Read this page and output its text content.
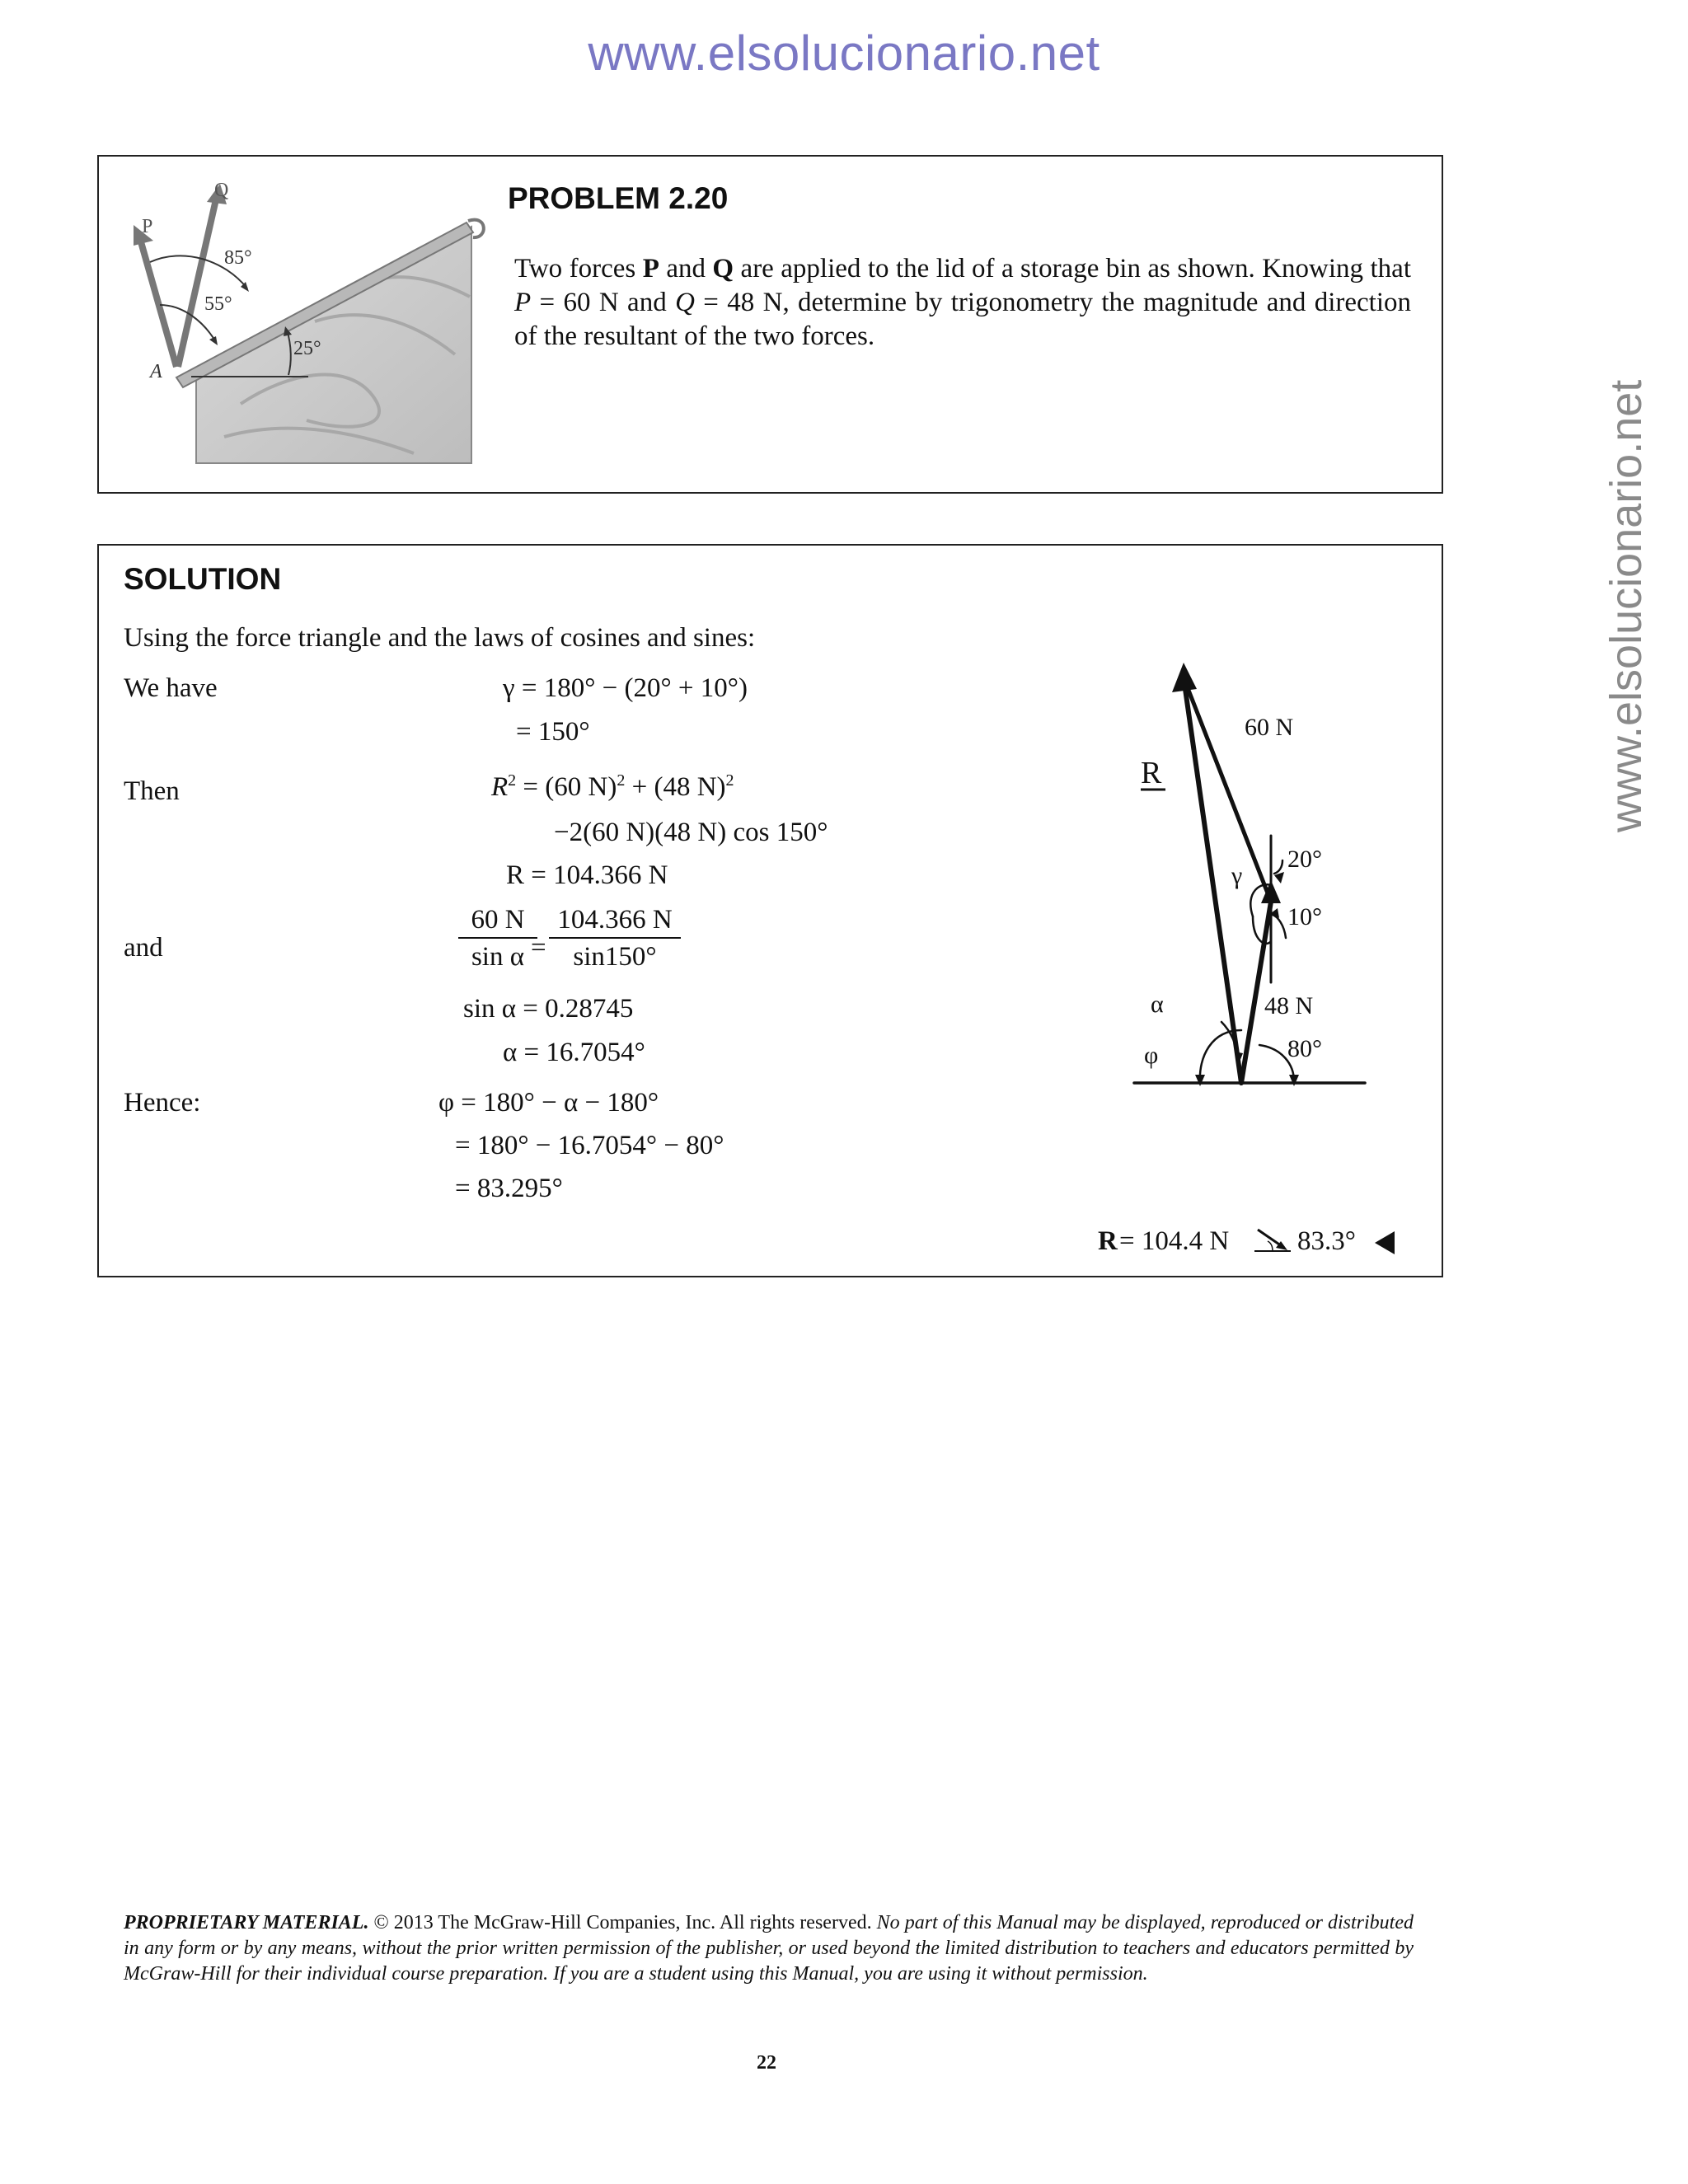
www.elsolucionario.net
www.elsolucionario.net
P
Q
A
85°
55°
25°
PROBLEM 2.20
Two forces P and Q are applied to the lid of a storage bin as shown. Knowing that P = 60 N and Q = 48 N, determine by trigonometry the magnitude and direction of the resultant of the two forces.
SOLUTION
Using the force triangle and the laws of cosines and sines:
We have	γ = 180° − (20° + 10°)
= 150°
Then	$R^2 = (60$ N)$^2$ + (48 N)$^2$
−2(60 N)(48 N) cos 150°
R = 104.366 N
and	$\frac{60 N}{\text{sin α}}$
= $\frac{104.366 N}{\sin 150^\circ}$
sin α = 0.28745
α = 16.7054°
Hence:	φ = 180° − α − 180°
= 180° − 16.7054° − 80°
= 83.295°
R = 104.4 N	83.3°
60 N
R
γ
20°
10°
α	48 N
φ	80°
PROPRIETARY MATERIAL. © 2013 The McGraw-Hill Companies, Inc. All rights reserved. No part of this Manual may be displayed, reproduced or distributed in any form or by any means, without the prior written permission of the publisher, or used beyond the limited distribution to teachers and educators permitted by McGraw-Hill for their individual course preparation. If you are a student using this Manual, you are using it without permission.
22
